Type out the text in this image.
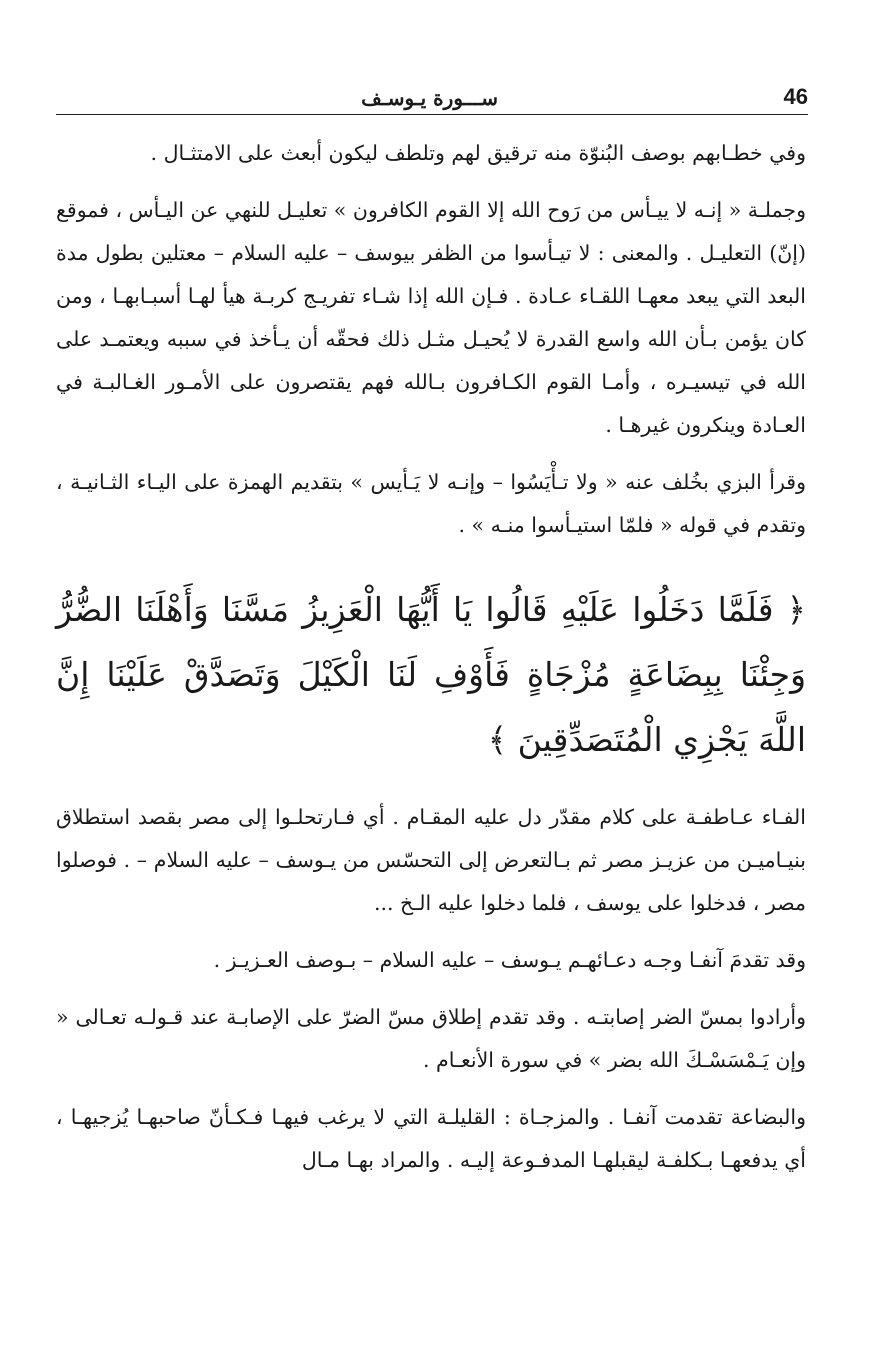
46
ســـورة يـوسـف

وفي خطـابهم بوصف البُنوّة منه ترقيق لهم وتلطف ليكون أبعث على الامتثـال .

وجملـة « إنـه لا ييـأس من رَوح الله إلا القوم الكافرون » تعليـل للنهي عن اليـأس ، فموقع (إنّ) التعليـل . والمعنى : لا تيـأسوا من الظفر بيوسف – عليه السلام – معتلين بطول مدة البعد التي يبعد معهـا اللقـاء عـادة . فـإن الله إذا شـاء تفريـج كربـة هيأ لهـا أسبـابهـا ، ومن كان يؤمن بـأن الله واسع القدرة لا يُحيـل مثـل ذلك فحقّه أن يـأخذ في سببه ويعتمـد على الله في تيسيـره ، وأمـا القوم الكـافرون بـالله فهم يقتصرون على الأمـور الغـالبـة في العـادة وينكرون غيرهـا .

وقرأ البزي بخُلف عنه « ولا تـأْيَسُوا – وإنـه لا يَـأيس » بتقديم الهمزة على اليـاء الثـانيـة ، وتقدم في قوله « فلمّا استيـأسوا منـه » .

﴿ فَلَمَّا دَخَلُوا عَلَيْهِ قَالُوا يَا أَيُّهَا الْعَزِيزُ مَسَّنَا وَأَهْلَنَا الضُّرُّ وَجِئْنَا بِبِضَاعَةٍ مُزْجَاةٍ فَأَوْفِ لَنَا الْكَيْلَ وَتَصَدَّقْ عَلَيْنَا إِنَّ اللَّهَ يَجْزِي الْمُتَصَدِّقِينَ ﴾

الفـاء عـاطفـة على كلام مقدّر دل عليه المقـام . أي فـارتحلـوا إلى مصر بقصد استطلاق بنيـاميـن من عزيـز مصر ثم بـالتعرض إلى التحسّس من يـوسف – عليه السلام – . فوصلوا مصر ، فدخلوا على يوسف ، فلما دخلوا عليه الـخ ...

وقد تقدمَ آنفـا وجـه دعـائهـم يـوسف – عليه السلام – بـوصف العـزيـز .

وأرادوا بمسّ الضر إصابتـه . وقد تقدم إطلاق مسّ الضرّ على الإصابـة عند قـولـه تعـالى « وإن يَـمْسَسْـكَ الله بضر » في سورة الأنعـام .

والبضاعة تقدمت آنفـا . والمزجـاة : القليلـة التي لا يرغب فيهـا فـكـأنّ صاحبهـا يُزجيهـا ، أي يدفعهـا بـكلفـة ليقبلهـا المدفـوعة إليـه . والمراد بهـا مـال
